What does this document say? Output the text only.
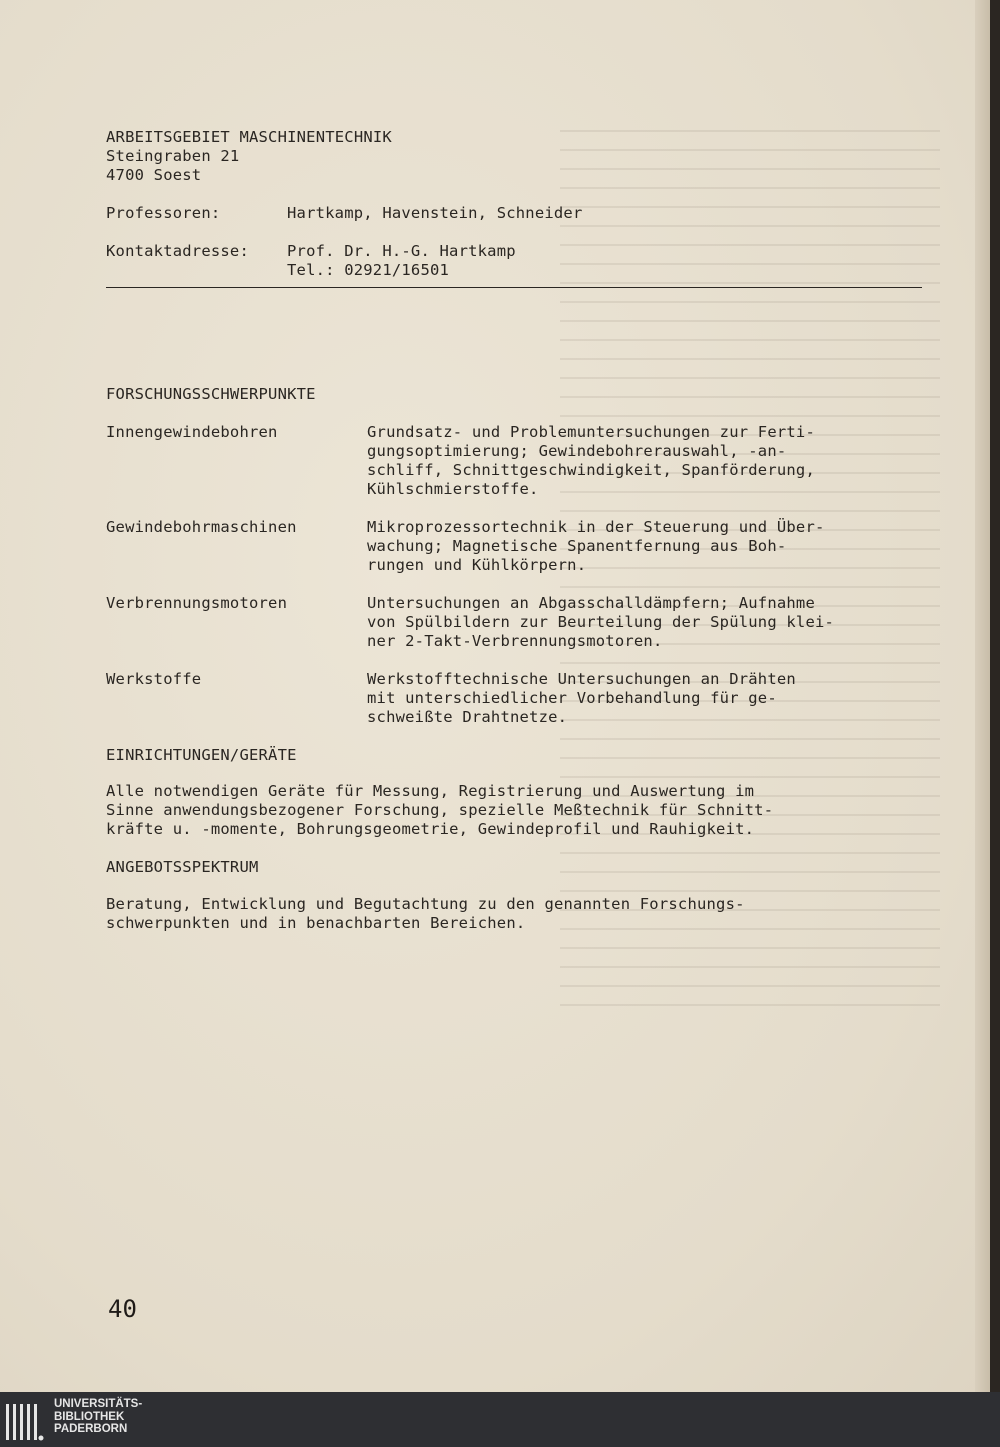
ARBEITSGEBIET MASCHINENTECHNIK
Steingraben 21
4700 Soest
Professoren:	Hartkamp, Havenstein, Schneider
Kontaktadresse: Prof. Dr. H.-G. Hartkamp
Tel.: 02921/16501
FORSCHUNGSSCHWERPUNKTE
Innengewindebohren	Grundsatz- und Problemuntersuchungen zur Ferti-
gungsoptimierung; Gewindebohrerauswahl, -an-
schliff, Schnittgeschwindigkeit, Spanförderung,
Kühlschmierstoffe.
Gewindebohrmaschinen	Mikroprozessortechnik in der Steuerung und Über-
wachung; Magnetische Spanentfernung aus Boh-
rungen und Kühlkörpern.
Verbrennungsmotoren	Untersuchungen an Abgasschalldämpfern; Aufnahme
von Spülbildern zur Beurteilung der Spülung klei-
ner 2-Takt-Verbrennungsmotoren.
Werkstoffe	Werkstofftechnische Untersuchungen an Drähten
mit unterschiedlicher Vorbehandlung für ge-
schweißte Drahtnetze.
EINRICHTUNGEN/GERÄTE
Alle notwendigen Geräte für Messung, Registrierung und Auswertung im
Sinne anwendungsbezogener Forschung, spezielle Meßtechnik für Schnitt-
kräfte u. -momente, Bohrungsgeometrie, Gewindeprofil und Rauhigkeit.
ANGEBOTSSPEKTRUM
Beratung, Entwicklung und Begutachtung zu den genannten Forschungs-
schwerpunkten und in benachbarten Bereichen.
40
UNIVERSITÄTS-
BIBLIOTHEK
PADERBORN
